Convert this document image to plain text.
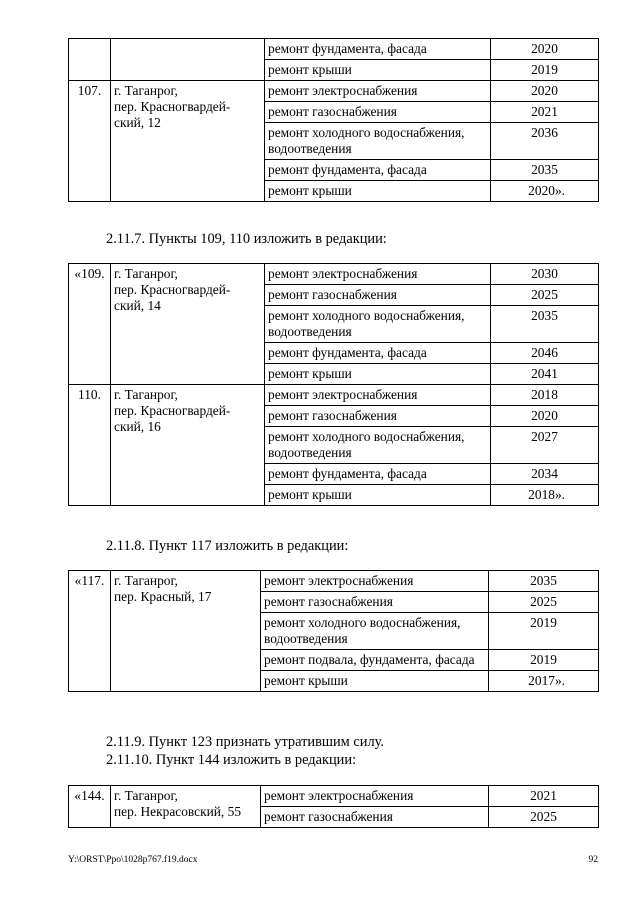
		ремонт фундамента, фасада	2020
		ремонт крыши	2019
107.	г. Таганрог,
пер. Красногвардей-
ский, 12	ремонт электроснабжения	2020
		ремонт газоснабжения	2021
		ремонт холодного водоснабжения, водоотведения	2036
		ремонт фундамента, фасада	2035
		ремонт крыши	2020».
2.11.7. Пункты 109, 110 изложить в редакции:
«109.	г. Таганрог,
пер. Красногвардей-
ский, 14	ремонт электроснабжения	2030
		ремонт газоснабжения	2025
		ремонт холодного водоснабжения, водоотведения	2035
		ремонт фундамента, фасада	2046
		ремонт крыши	2041
110.	г. Таганрог,
пер. Красногвардей-
ский, 16	ремонт электроснабжения	2018
		ремонт газоснабжения	2020
		ремонт холодного водоснабжения, водоотведения	2027
		ремонт фундамента, фасада	2034
		ремонт крыши	2018».
2.11.8. Пункт 117 изложить в редакции:
«117.	г. Таганрог,
пер. Красный, 17	ремонт электроснабжения	2035
		ремонт газоснабжения	2025
		ремонт холодного водоснабжения, водоотведения	2019
		ремонт подвала, фундамента, фасада	2019
		ремонт крыши	2017».
2.11.9. Пункт 123 признать утратившим силу.
2.11.10. Пункт 144 изложить в редакции:
«144.	г. Таганрог,
пер. Некрасовский, 55	ремонт электроснабжения	2021
		ремонт газоснабжения	2025
Y:\ORST\Ppo\1028p767.f19.docx	92
